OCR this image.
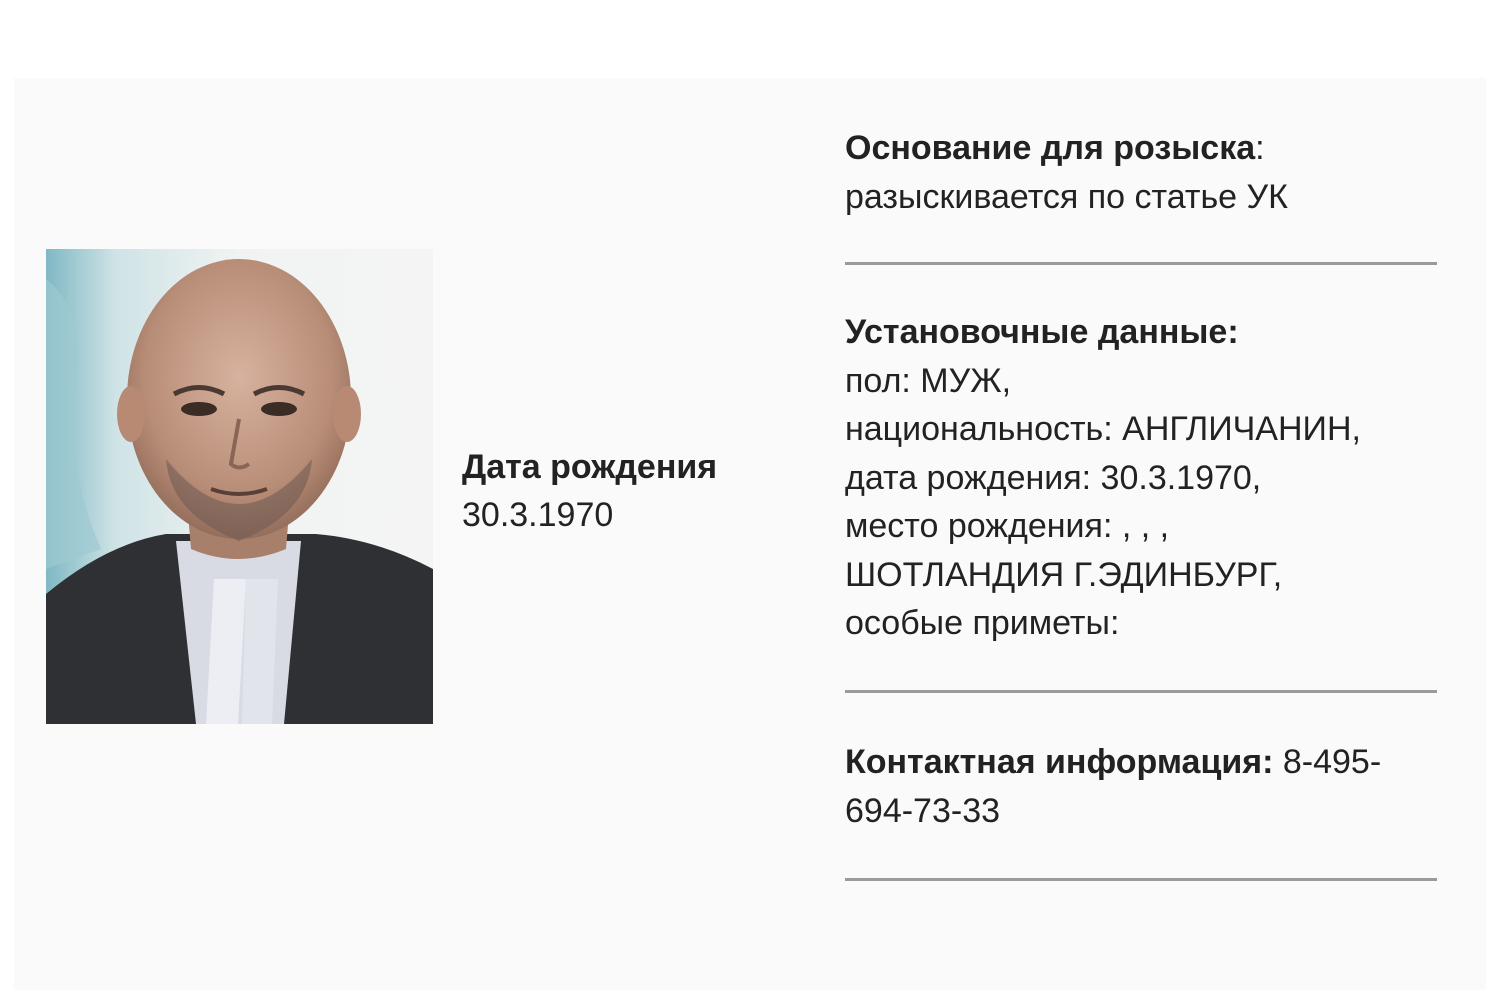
Дата рождения
30.3.1970
Основание для розыска:
разыскивается по статье УК
Установочные данные:
пол: МУЖ,
национальность: АНГЛИЧАНИН,
дата рождения: 30.3.1970,
место рождения: , , ,
ШОТЛАНДИЯ Г.ЭДИНБУРГ,
особые приметы:
Контактная информация: 8-495-
694-73-33
